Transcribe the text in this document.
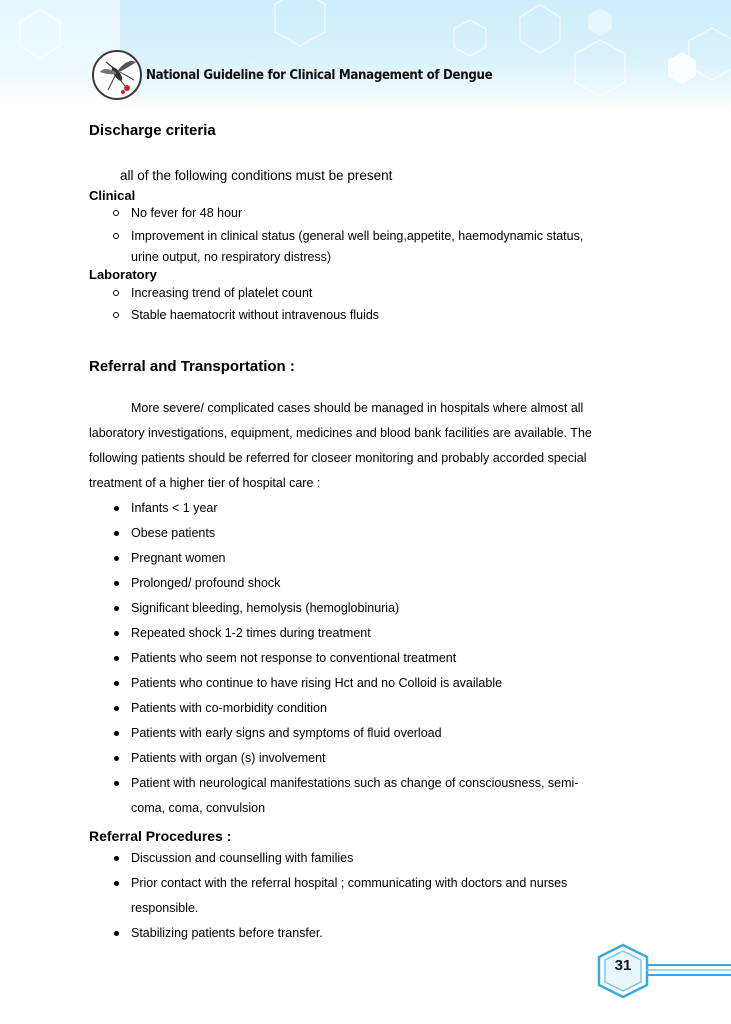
National Guideline for Clinical Management of Dengue
Discharge criteria
all of the following conditions must be present
Clinical
No fever for 48 hour
Improvement in clinical status (general well being,appetite, haemodynamic status,
urine output, no respiratory distress)
Laboratory
Increasing trend of platelet count
Stable haematocrit without intravenous fluids
Referral and Transportation :
More severe/ complicated cases should be managed in hospitals where almost all
laboratory investigations, equipment, medicines and blood bank facilities are available. The
following patients should be referred for closeer monitoring and probably accorded special
treatment of a higher tier of hospital care :
Infants < 1 year
Obese patients
Pregnant women
Prolonged/ profound shock
Significant bleeding, hemolysis (hemoglobinuria)
Repeated shock 1-2 times during treatment
Patients who seem not response to conventional treatment
Patients who continue to have rising Hct and no Colloid is available
Patients with co-morbidity condition
Patients with early signs and symptoms of fluid overload
Patients with organ (s) involvement
Patient with neurological manifestations such as change of consciousness, semi-
coma, coma, convulsion
Referral Procedures :
Discussion and counselling with families
Prior contact with the referral hospital ; communicating with doctors and nurses
responsible.
Stabilizing patients before transfer.
31
